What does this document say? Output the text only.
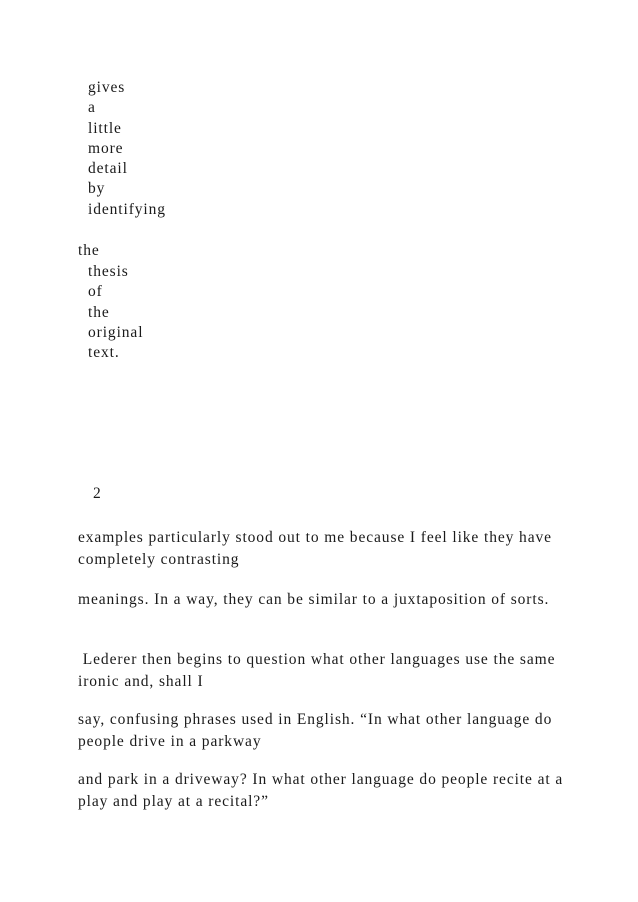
gives
a
little
more
detail
by
identifying
the
thesis
of
the
original
text.
2

examples particularly stood out to me because I feel like they have completely contrasting

meanings. In a way, they can be similar to a juxtaposition of sorts.

Lederer then begins to question what other languages use the same ironic and, shall I

say, confusing phrases used in English. “In what other language do people drive in a parkway

and park in a driveway? In what other language do people recite at a play and play at a recital?”
